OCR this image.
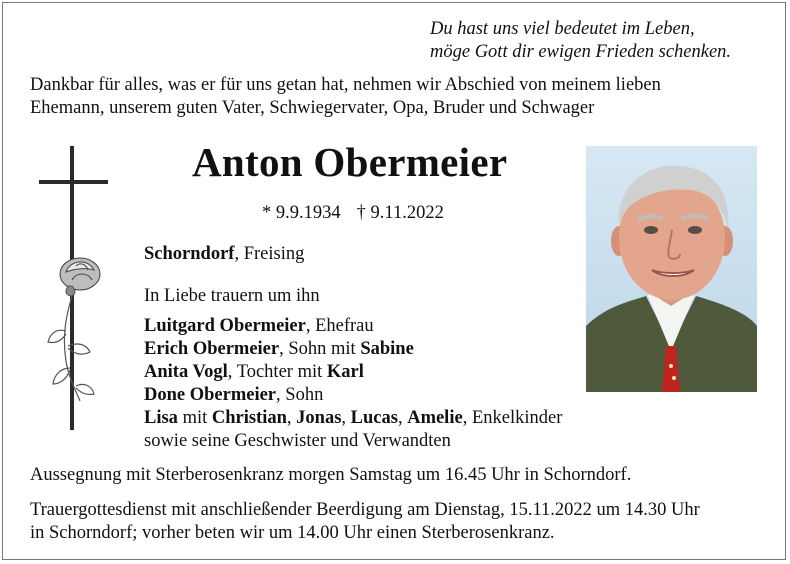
Du hast uns viel bedeutet im Leben,
möge Gott dir ewigen Frieden schenken.
Dankbar für alles, was er für uns getan hat, nehmen wir Abschied von meinem lieben
Ehemann, unserem guten Vater, Schwiegervater, Opa, Bruder und Schwager
Anton Obermeier
* 9.9.1934 † 9.11.2022
Schorndorf, Freising
In Liebe trauern um ihn
Luitgard Obermeier, Ehefrau
Erich Obermeier, Sohn mit Sabine
Anita Vogl, Tochter mit Karl
Done Obermeier, Sohn
Lisa mit Christian, Jonas, Lucas, Amelie, Enkelkinder
sowie seine Geschwister und Verwandten
Aussegnung mit Sterberosenkranz morgen Samstag um 16.45 Uhr in Schorndorf.
Trauergottesdienst mit anschließender Beerdigung am Dienstag, 15.11.2022 um 14.30 Uhr
in Schorndorf; vorher beten wir um 14.00 Uhr einen Sterberosenkranz.
